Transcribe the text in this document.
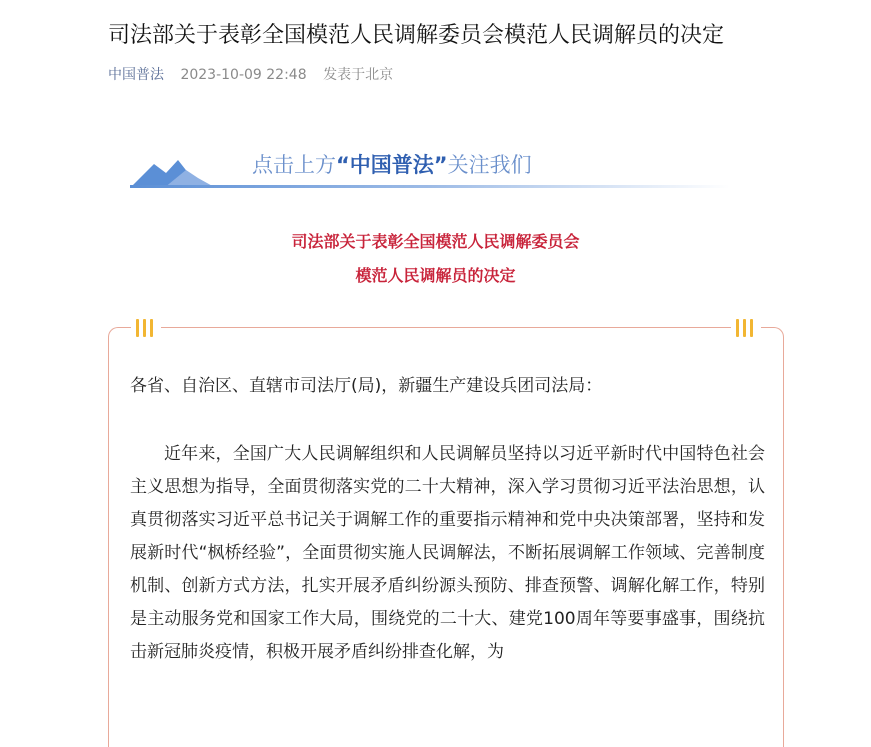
司法部关于表彰全国模范人民调解委员会模范人民调解员的决定
中国普法 2023-10-09 22:48 发表于北京
点击上方“中国普法”关注我们
司法部关于表彰全国模范人民调解委员会
模范人民调解员的决定

各省、自治区、直辖市司法厅(局)，新疆生产建设兵团司法局：

近年来，全国广大人民调解组织和人民调解员坚持以习近平新时代中国特色社会主义思想为指导，全面贯彻落实党的二十大精神，深入学习贯彻习近平法治思想，认真贯彻落实习近平总书记关于调解工作的重要指示精神和党中央决策部署，坚持和发展新时代“枫桥经验”，全面贯彻实施人民调解法，不断拓展调解工作领域、完善制度机制、创新方式方法，扎实开展矛盾纠纷源头预防、排查预警、调解化解工作，特别是主动服务党和国家工作大局，围绕党的二十大、建党100周年等要事盛事，围绕抗击新冠肺炎疫情，积极开展矛盾纠纷排查化解，为
